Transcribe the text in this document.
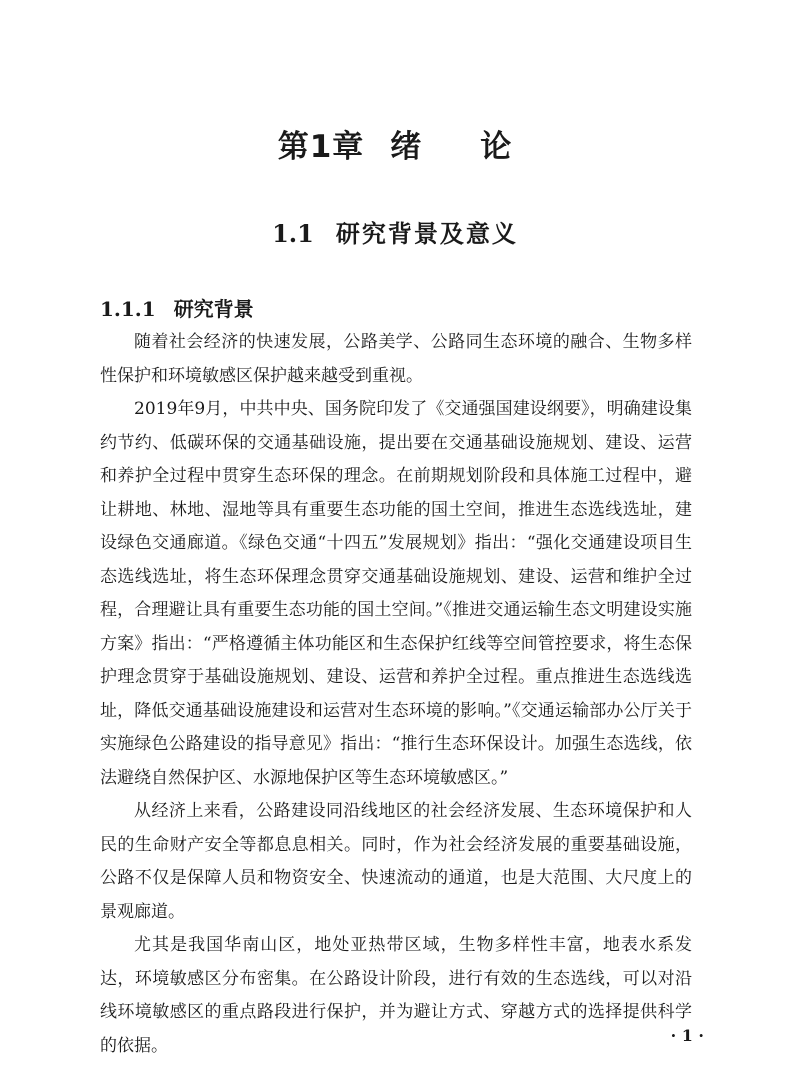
第1章 绪 论
1.1 研究背景及意义
1.1.1 研究背景

随着社会经济的快速发展，公路美学、公路同生态环境的融合、生物多样性保护和环境敏感区保护越来越受到重视。

2019年9月，中共中央、国务院印发了《交通强国建设纲要》，明确建设集约节约、低碳环保的交通基础设施，提出要在交通基础设施规划、建设、运营和养护全过程中贯穿生态环保的理念。在前期规划阶段和具体施工过程中，避让耕地、林地、湿地等具有重要生态功能的国土空间，推进生态选线选址，建设绿色交通廊道。《绿色交通“十四五”发展规划》指出：“强化交通建设项目生态选线选址，将生态环保理念贯穿交通基础设施规划、建设、运营和维护全过程，合理避让具有重要生态功能的国土空间。”《推进交通运输生态文明建设实施方案》指出：“严格遵循主体功能区和生态保护红线等空间管控要求，将生态保护理念贯穿于基础设施规划、建设、运营和养护全过程。重点推进生态选线选址，降低交通基础设施建设和运营对生态环境的影响。”《交通运输部办公厅关于实施绿色公路建设的指导意见》指出：“推行生态环保设计。加强生态选线，依法避绕自然保护区、水源地保护区等生态环境敏感区。”

从经济上来看，公路建设同沿线地区的社会经济发展、生态环境保护和人民的生命财产安全等都息息相关。同时，作为社会经济发展的重要基础设施，公路不仅是保障人员和物资安全、快速流动的通道，也是大范围、大尺度上的景观廊道。

尤其是我国华南山区，地处亚热带区域，生物多样性丰富，地表水系发达，环境敏感区分布密集。在公路设计阶段，进行有效的生态选线，可以对沿线环境敏感区的重点路段进行保护，并为避让方式、穿越方式的选择提供科学的依据。	· 1 ·
